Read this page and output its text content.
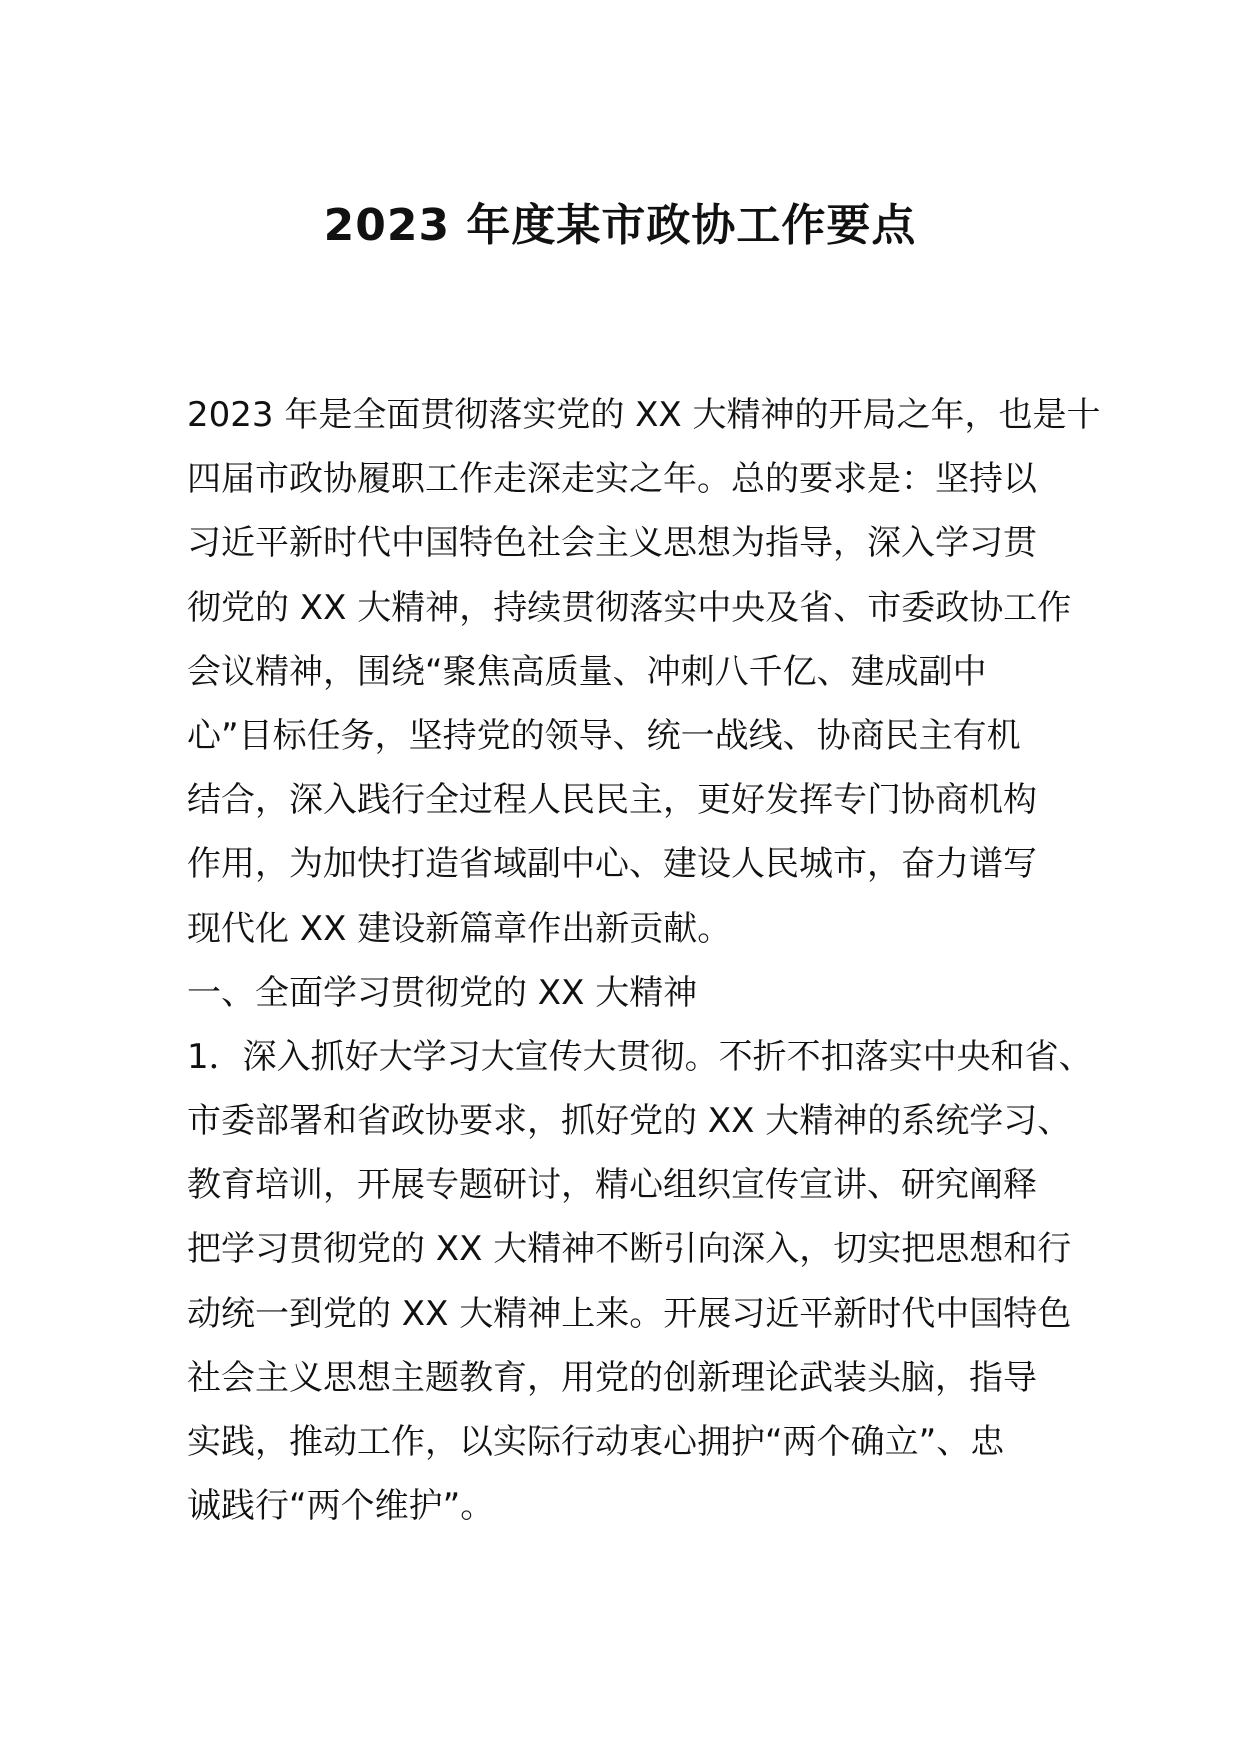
2023 年度某市政协工作要点
2023 年是全面贯彻落实党的 XX 大精神的开局之年，也是十
四届市政协履职工作走深走实之年。总的要求是：坚持以
习近平新时代中国特色社会主义思想为指导，深入学习贯
彻党的 XX 大精神，持续贯彻落实中央及省、市委政协工作
会议精神，围绕“聚焦高质量、冲刺八千亿、建成副中
心”目标任务，坚持党的领导、统一战线、协商民主有机
结合，深入践行全过程人民民主，更好发挥专门协商机构
作用，为加快打造省域副中心、建设人民城市，奋力谱写
现代化 XX 建设新篇章作出新贡献。
一、全面学习贯彻党的 XX 大精神
1．深入抓好大学习大宣传大贯彻。不折不扣落实中央和省、
市委部署和省政协要求，抓好党的 XX 大精神的系统学习、
教育培训，开展专题研讨，精心组织宣传宣讲、研究阐释
把学习贯彻党的 XX 大精神不断引向深入，切实把思想和行
动统一到党的 XX 大精神上来。开展习近平新时代中国特色
社会主义思想主题教育，用党的创新理论武装头脑，指导
实践，推动工作，以实际行动衷心拥护“两个确立”、忠
诚践行“两个维护”。
